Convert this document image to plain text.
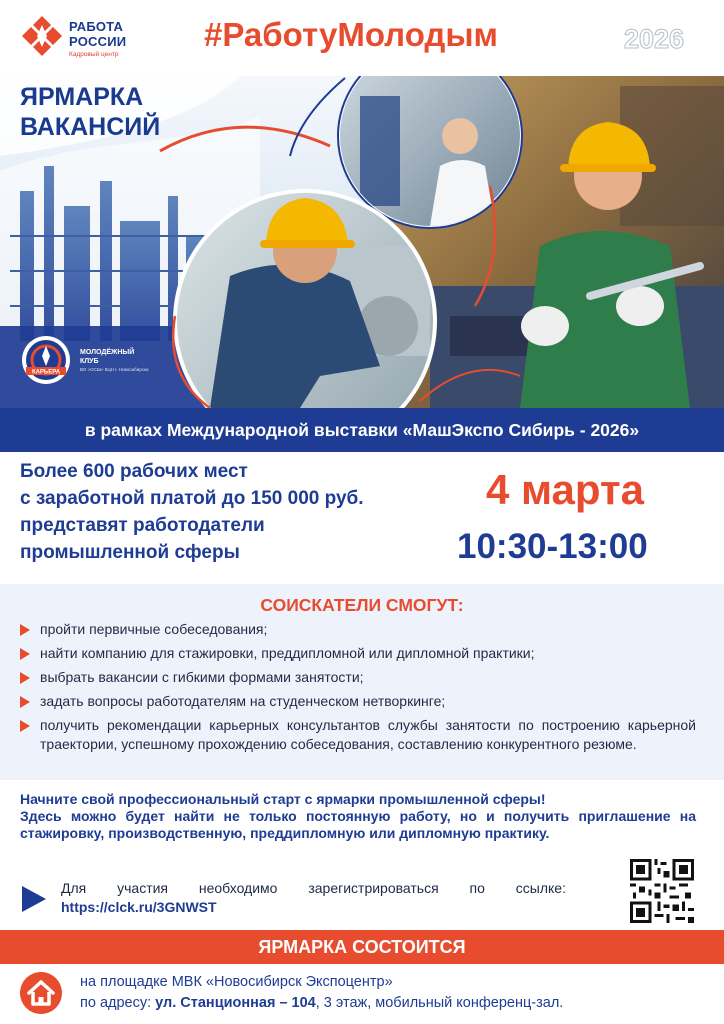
РАБОТА
РОССИИ
Кадровый центр
#РаботуМолодым	2026
ЯРМАРКА
ВАКАНСИЙ
КАРЬЕРА
МОЛОДЁЖНЫЙ
КЛУБ
ВО «ОСШ» КЦН г. Новосибирска
в рамках Международной выставки «МашЭкспо Сибирь - 2026»
Более 600 рабочих мест
с заработной платой до 150 000 руб.
представят работодатели
промышленной сферы
4 марта
10:30-13:00
СОИСКАТЕЛИ СМОГУТ:
пройти первичные собеседования;
найти компанию для стажировки, преддипломной или дипломной практики;
выбрать вакансии с гибкими формами занятости;
задать вопросы работодателям на студенческом нетворкинге;
получить рекомендации карьерных консультантов службы занятости по построению карьерной траектории, успешному прохождению собеседования, составлению конкурентного резюме.
Начните свой профессиональный старт с ярмарки промышленной сферы!
Здесь можно будет найти не только постоянную работу, но и получить приглашение на стажировку, производственную, преддипломную или дипломную практику.
Для участия необходимо зарегистрироваться по ссылке:
https://clck.ru/3GNWST
ЯРМАРКА СОСТОИТСЯ
на площадке МВК «Новосибирск Экспоцентр»
по адресу: ул. Станционная – 104, 3 этаж, мобильный конференц-зал.
